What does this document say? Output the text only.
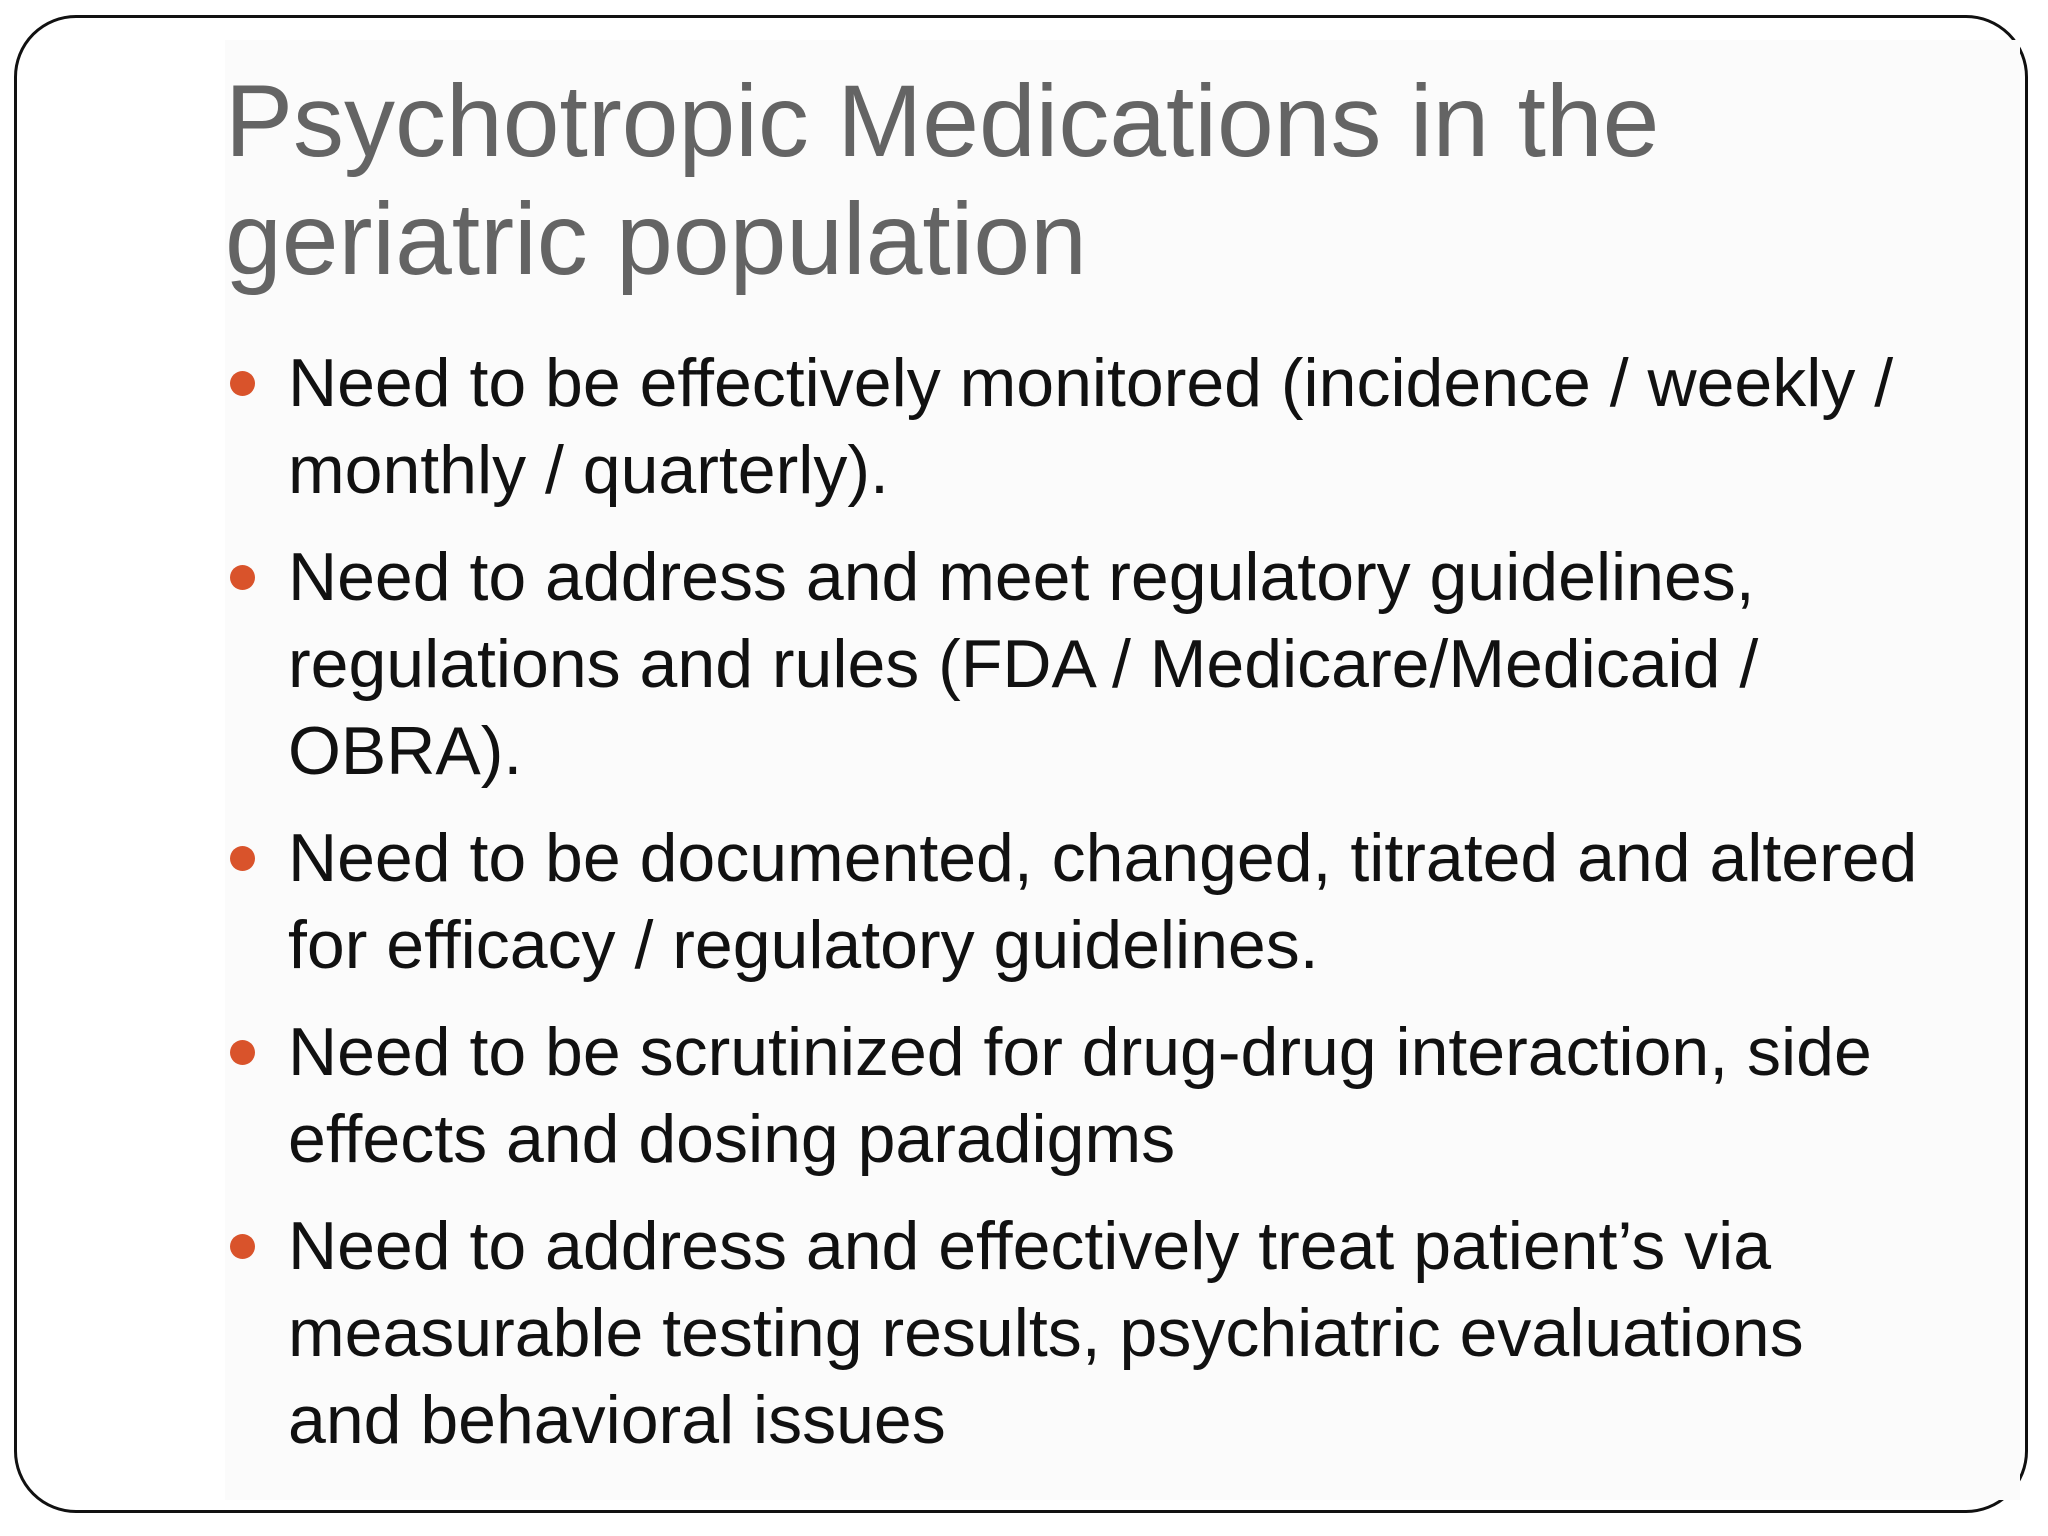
Psychotropic Medications in the geriatric population
Need to be effectively monitored (incidence / weekly / monthly / quarterly).
Need to address and meet regulatory guidelines, regulations and rules (FDA / Medicare/Medicaid / OBRA).
Need to be documented, changed, titrated and altered for efficacy / regulatory guidelines.
Need to be scrutinized for drug-drug interaction, side effects and dosing paradigms
Need to address and effectively treat patient’s via measurable testing results, psychiatric evaluations and behavioral issues
